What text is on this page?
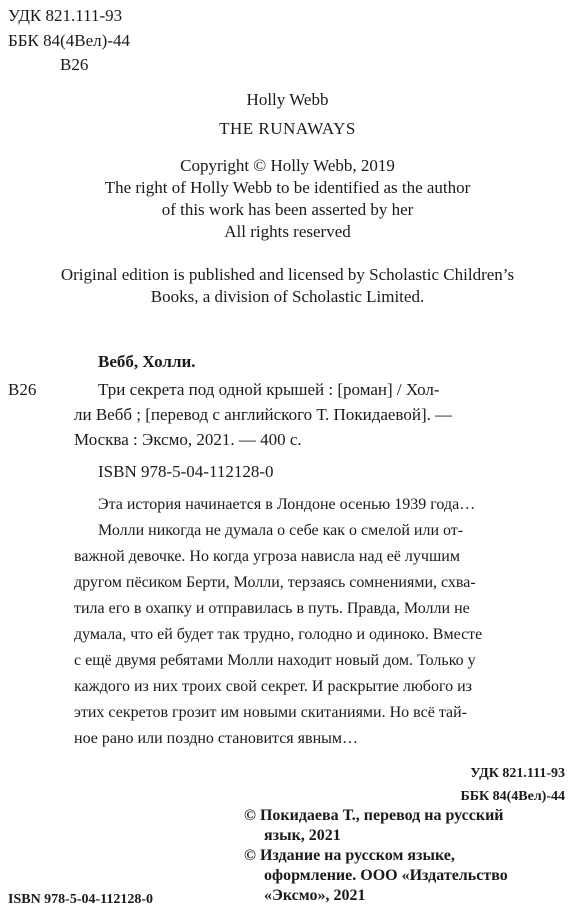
УДК 821.111-93
ББК 84(4Вел)-44
В26
Holly Webb
THE RUNAWAYS
Copyright © Holly Webb, 2019
The right of Holly Webb to be identified as the author
of this work has been asserted by her
All rights reserved
Original edition is published and licensed by Scholastic Children’s
Books, a division of Scholastic Limited.
Вебб, Холли.
В26	Три секрета под одной крышей : [роман] / Хол-
ли Вебб ; [перевод с английского Т. Покидаевой]. —
Москва : Эксмо, 2021. — 400 с.
ISBN 978-5-04-112128-0
Эта история начинается в Лондоне осенью 1939 года…
Молли никогда не думала о себе как о смелой или от-
важной девочке. Но когда угроза нависла над её лучшим
другом пёсиком Берти, Молли, терзаясь сомнениями, схва-
тила его в охапку и отправилась в путь. Правда, Молли не
думала, что ей будет так трудно, голодно и одиноко. Вместе
с ещё двумя ребятами Молли находит новый дом. Только у
каждого из них троих свой секрет. И раскрытие любого из
этих секретов грозит им новыми скитаниями. Но всё тай-
ное рано или поздно становится явным…
УДК 821.111-93
ББК 84(4Вел)-44
© Покидаева Т., перевод на русский
язык, 2021
© Издание на русском языке,
оформление. ООО «Издательство
ISBN 978-5-04-112128-0	«Эксмо», 2021
